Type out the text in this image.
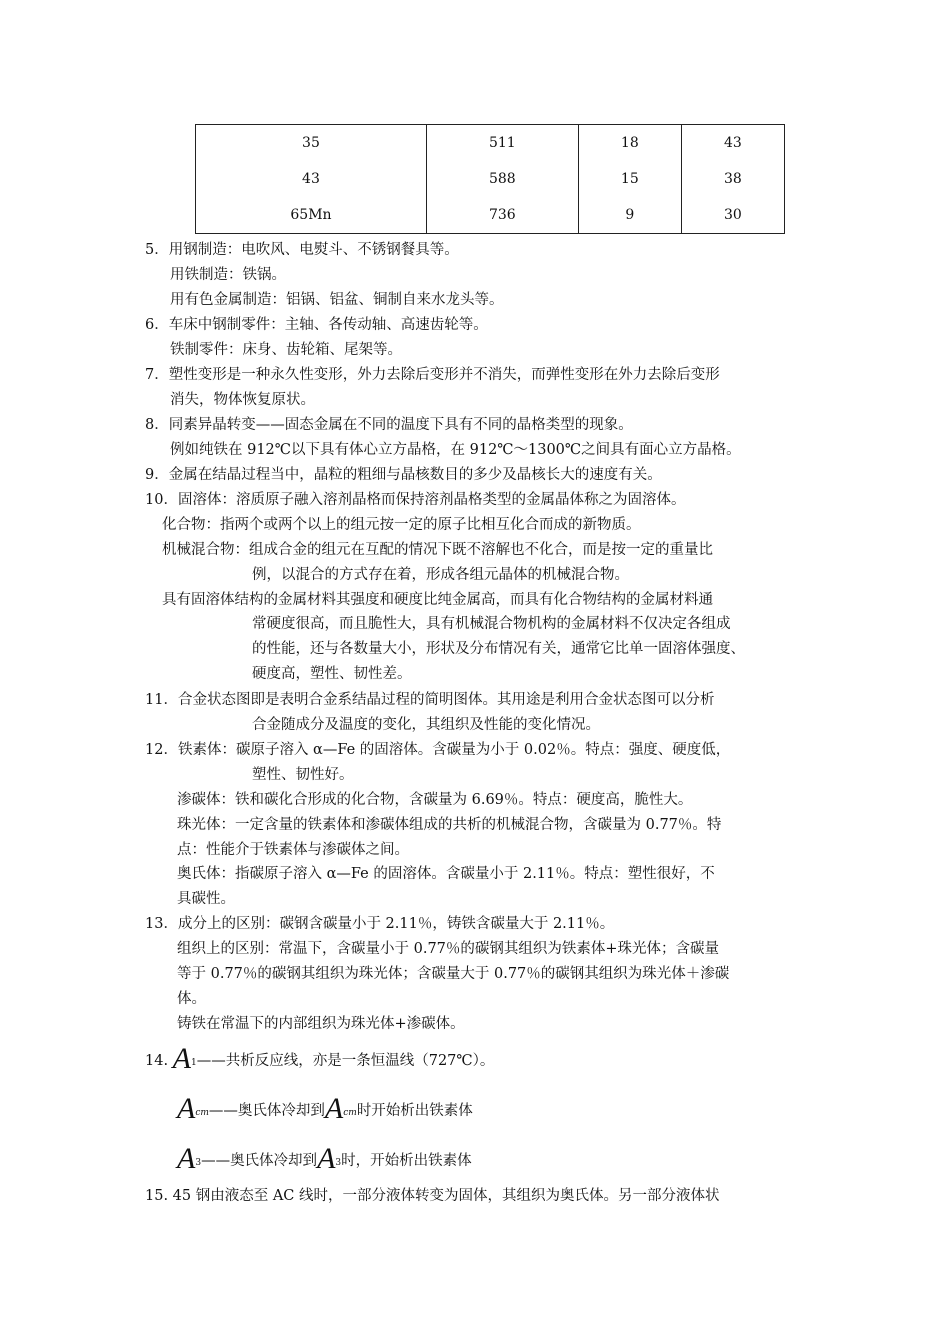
35	511	18	43
43	588	15	38
65Mn	736	9	30
5．用钢制造：电吹风、电熨斗、不锈钢餐具等。
用铁制造：铁锅。
用有色金属制造：铝锅、铝盆、铜制自来水龙头等。
6．车床中钢制零件：主轴、各传动轴、高速齿轮等。
铁制零件：床身、齿轮箱、尾架等。
7．塑性变形是一种永久性变形，外力去除后变形并不消失，而弹性变形在外力去除后变形
消失，物体恢复原状。
8．同素异晶转变——固态金属在不同的温度下具有不同的晶格类型的现象。
例如纯铁在 912℃以下具有体心立方晶格，在 912℃～1300℃之间具有面心立方晶格。
9．金属在结晶过程当中，晶粒的粗细与晶核数目的多少及晶核长大的速度有关。
10．固溶体：溶质原子融入溶剂晶格而保持溶剂晶格类型的金属晶体称之为固溶体。
化合物：指两个或两个以上的组元按一定的原子比相互化合而成的新物质。
机械混合物：组成合金的组元在互配的情况下既不溶解也不化合，而是按一定的重量比
例，以混合的方式存在着，形成各组元晶体的机械混合物。
具有固溶体结构的金属材料其强度和硬度比纯金属高，而具有化合物结构的金属材料通
常硬度很高，而且脆性大，具有机械混合物机构的金属材料不仅决定各组成
的性能，还与各数量大小，形状及分布情况有关，通常它比单一固溶体强度、
硬度高，塑性、韧性差。
11．合金状态图即是表明合金系结晶过程的简明图体。其用途是利用合金状态图可以分析
合金随成分及温度的变化，其组织及性能的变化情况。
12．铁素体：碳原子溶入 α—Fe 的固溶体。含碳量为小于 0.02％。特点：强度、硬度低，
塑性、韧性好。
渗碳体：铁和碳化合形成的化合物，含碳量为 6.69％。特点：硬度高，脆性大。
珠光体：一定含量的铁素体和渗碳体组成的共析的机械混合物，含碳量为 0.77％。特
点：性能介于铁素体与渗碳体之间。
奥氏体：指碳原子溶入 α—Fe 的固溶体。含碳量小于 2.11％。特点：塑性很好，不
具碳性。
13．成分上的区别：碳钢含碳量小于 2.11％，铸铁含碳量大于 2.11％。
组织上的区别：常温下，含碳量小于 0.77％的碳钢其组织为铁素体+珠光体；含碳量
等于 0.77％的碳钢其组织为珠光体；含碳量大于 0.77％的碳钢其组织为珠光体＋渗碳
体。
铸铁在常温下的内部组织为珠光体+渗碳体。
14. A1——共析反应线，亦是一条恒温线（727℃）。
Acm——奥氏体冷却到Acm时开始析出铁素体
A3——奥氏体冷却到A3时，开始析出铁素体
15. 45 钢由液态至 AC 线时，一部分液体转变为固体，其组织为奥氏体。另一部分液体状
